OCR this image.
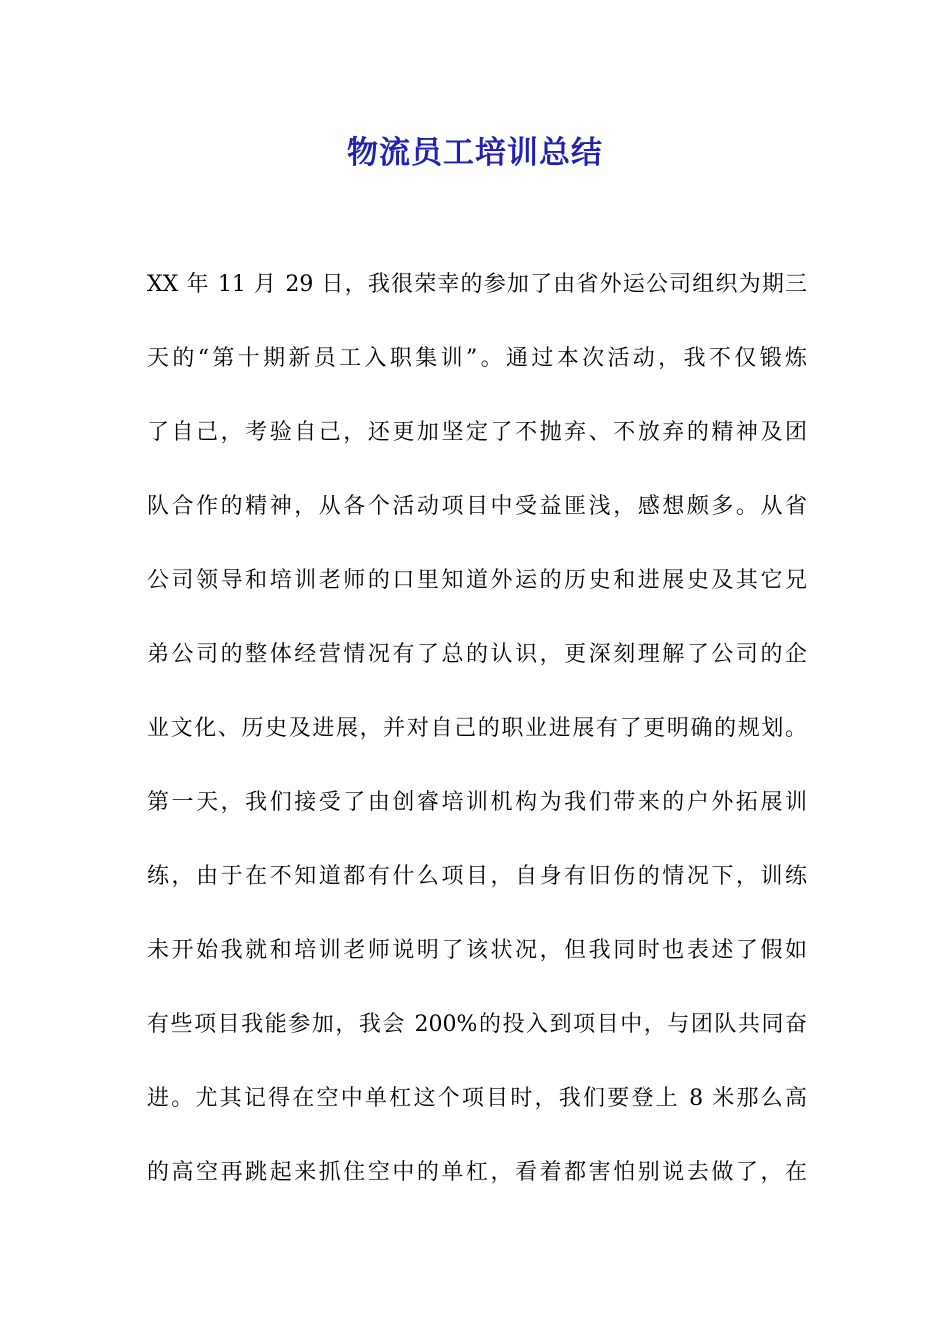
物流员工培训总结
XX 年 11 月 29 日，我很荣幸的参加了由省外运公司组织为期三
天的“第十期新员工入职集训”。通过本次活动，我不仅锻炼
了自己，考验自己，还更加坚定了不抛弃、不放弃的精神及团
队合作的精神，从各个活动项目中受益匪浅，感想颇多。从省
公司领导和培训老师的口里知道外运的历史和进展史及其它兄
弟公司的整体经营情况有了总的认识，更深刻理解了公司的企
业文化、历史及进展，并对自己的职业进展有了更明确的规划。
第一天，我们接受了由创睿培训机构为我们带来的户外拓展训
练，由于在不知道都有什么项目，自身有旧伤的情况下，训练
未开始我就和培训老师说明了该状况，但我同时也表述了假如
有些项目我能参加，我会 200%的投入到项目中，与团队共同奋
进。尤其记得在空中单杠这个项目时，我们要登上 8 米那么高
的高空再跳起来抓住空中的单杠，看着都害怕别说去做了，在
